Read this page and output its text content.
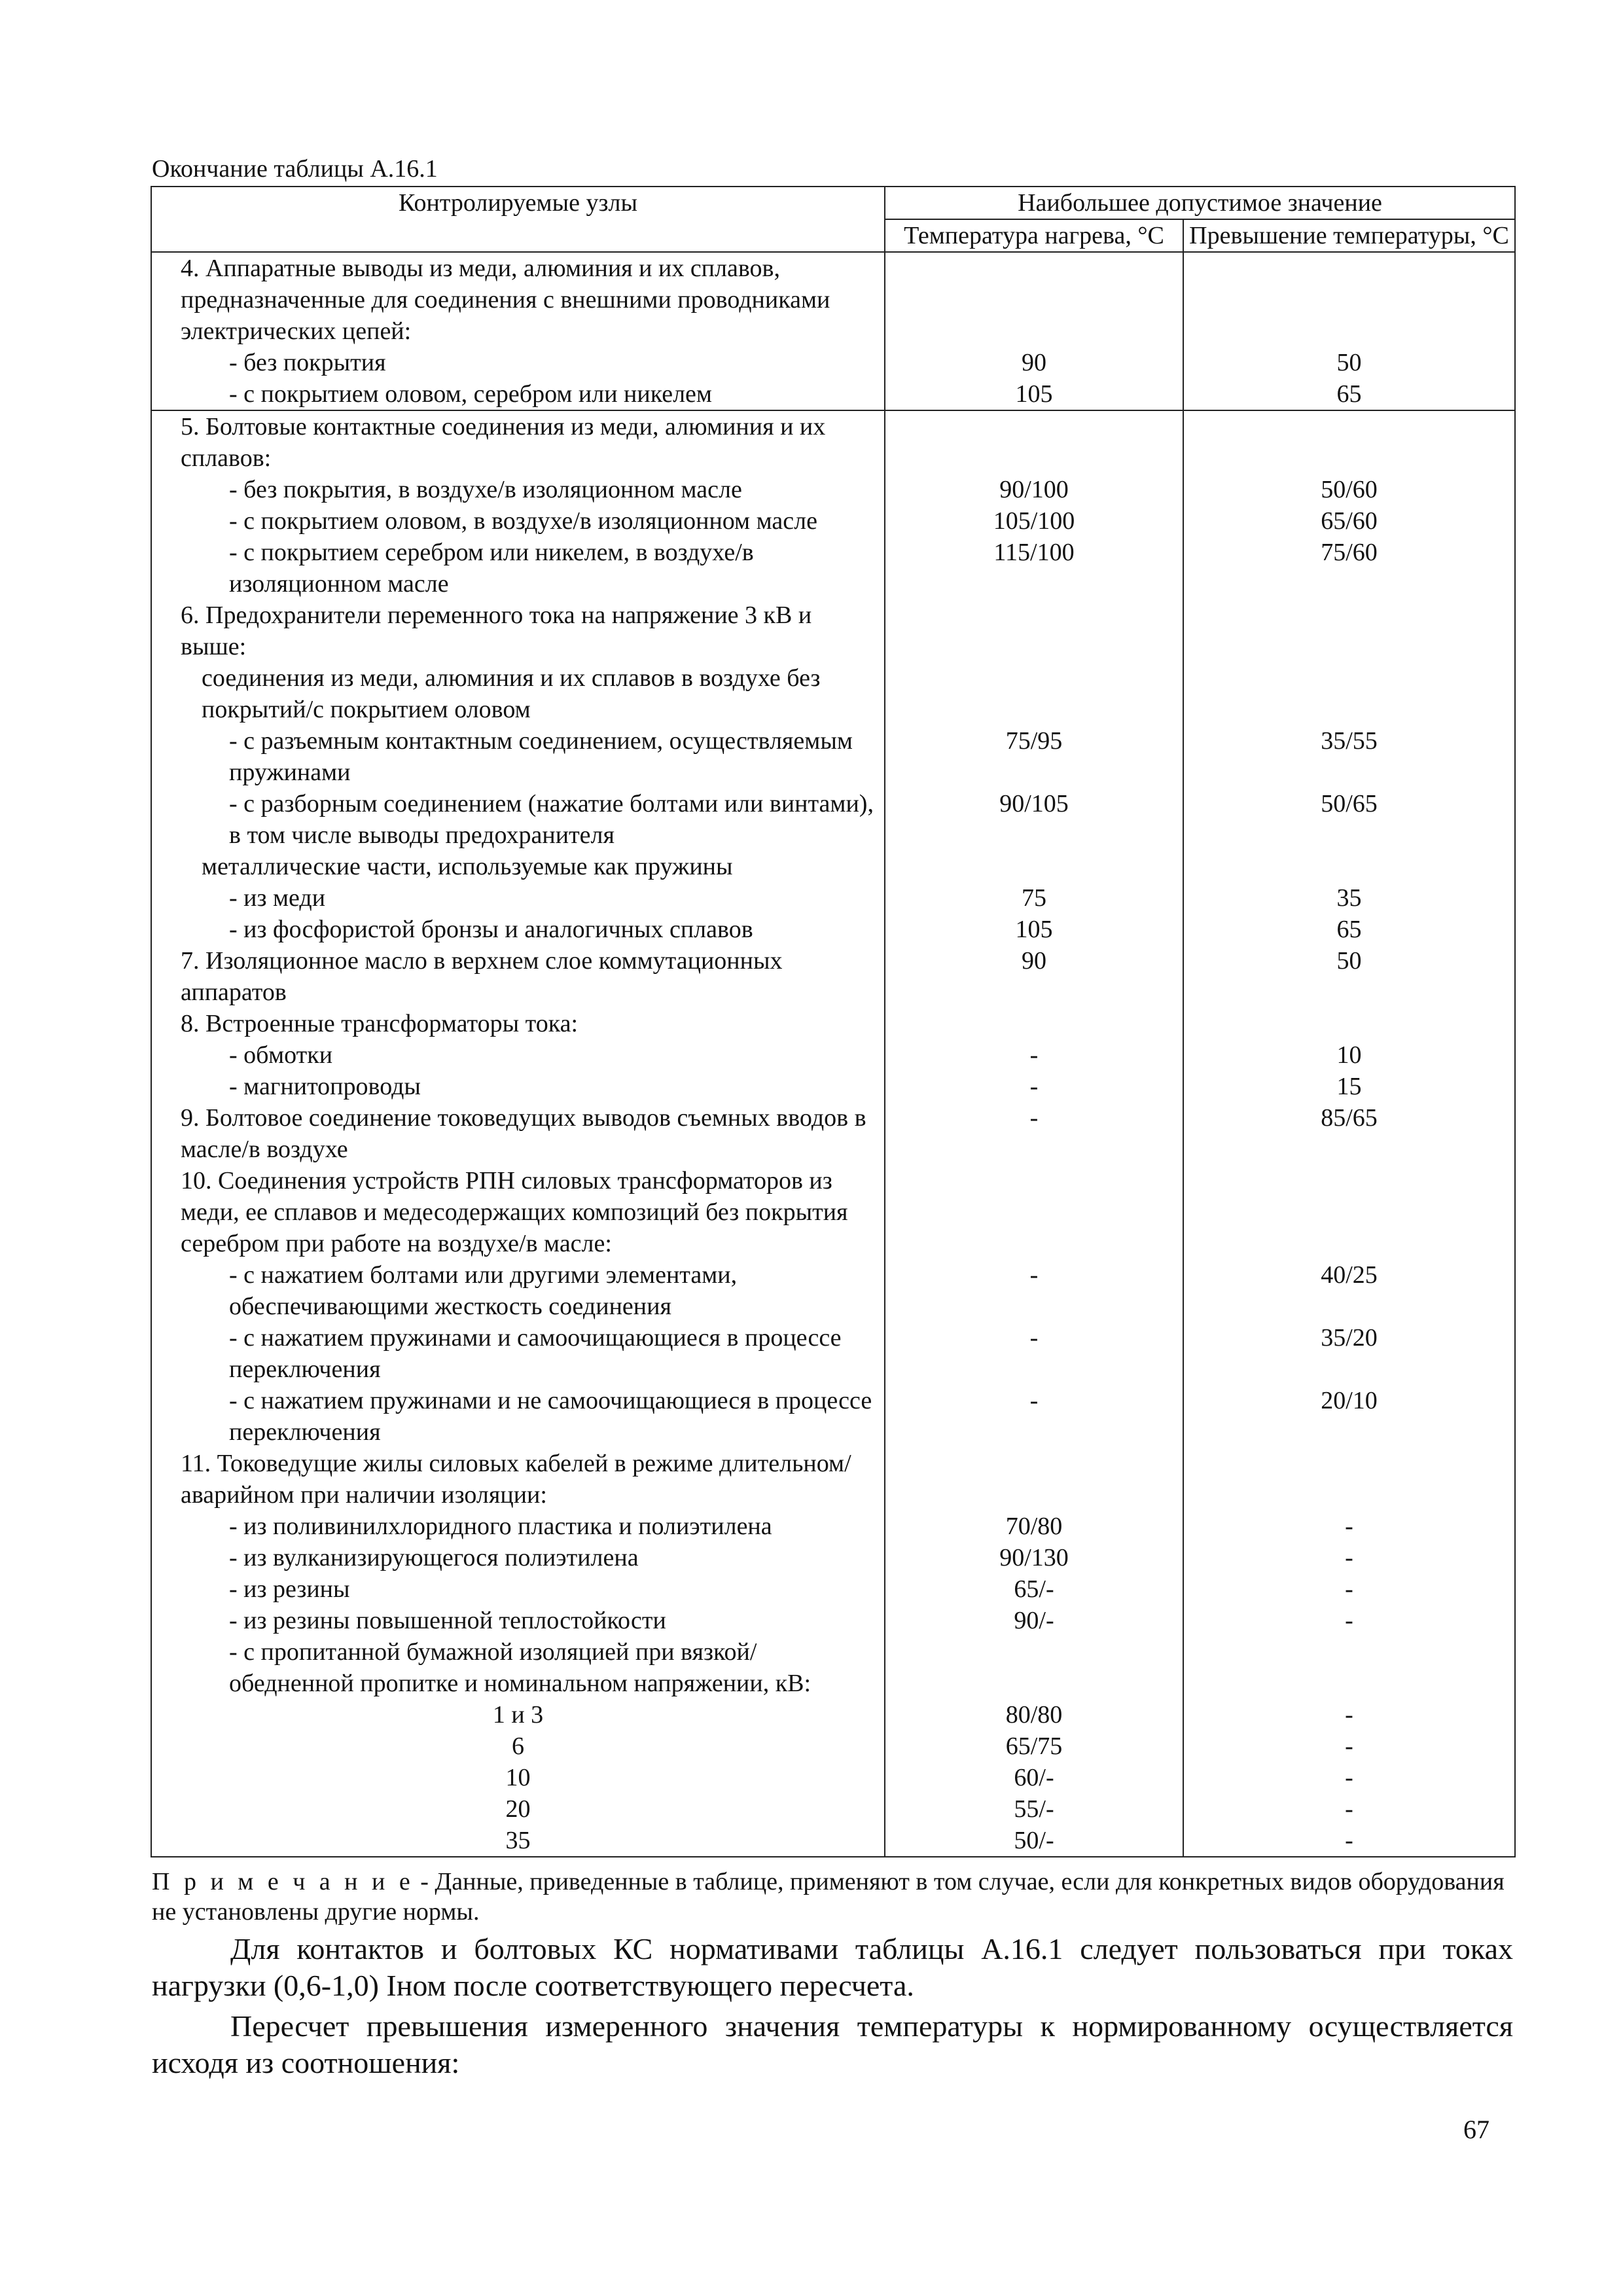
Окончание таблицы А.16.1
Контролируемые узлы	Наибольшее допустимое значение	
	Температура нагрева, °С	Превышение температуры, °С
4. Аппаратные выводы из меди, алюминия и их сплавов, предназначенные для соединения с внешними проводниками электрических цепей:		
- без покрытия	90	50
- с покрытием оловом, серебром или никелем	105	65
5. Болтовые контактные соединения из меди, алюминия и их сплавов:		
- без покрытия, в воздухе/в изоляционном масле	90/100	50/60
- с покрытием оловом, в воздухе/в изоляционном масле	105/100	65/60
- с покрытием серебром или никелем, в воздухе/в изоляционном масле	115/100	75/60
6. Предохранители переменного тока на напряжение 3 кВ и выше:		
соединения из меди, алюминия и их сплавов в воздухе без покрытий/с покрытием оловом		
- с разъемным контактным соединением, осуществляемым пружинами	75/95	35/55
- с разборным соединением (нажатие болтами или винтами), в том числе выводы предохранителя	90/105	50/65
металлические части, используемые как пружины		
- из меди	75	35
- из фосфористой бронзы и аналогичных сплавов	105	65
7. Изоляционное масло в верхнем слое коммутационных аппаратов	90	50
8. Встроенные трансформаторы тока:		
- обмотки	-	10
- магнитопроводы	-	15
9. Болтовое соединение токоведущих выводов съемных вводов в масле/в воздухе	-	85/65
10. Соединения устройств РПН силовых трансформаторов из меди, ее сплавов и медесодержащих композиций без покрытия серебром при работе на воздухе/в масле:		
- с нажатием болтами или другими элементами, обеспечивающими жесткость соединения	-	40/25
- с нажатием пружинами и самоочищающиеся в процессе переключения	-	35/20
- с нажатием пружинами и не самоочищающиеся в процессе переключения	-	20/10
11. Токоведущие жилы силовых кабелей в режиме длительном/аварийном при наличии изоляции:		
- из поливинилхлоридного пластика и полиэтилена	70/80	-
- из вулканизирующегося полиэтилена	90/130	-
- из резины	65/-	-
- из резины повышенной теплостойкости	90/-	-
- с пропитанной бумажной изоляцией при вязкой/обедненной пропитке и номинальном напряжении, кВ:		
1 и 3	80/80	-
6	65/75	-
10	60/-	-
20	55/-	-
35	50/-	-
П р и м е ч а н и е - Данные, приведенные в таблице, применяют в том случае, если для конкретных видов оборудования не установлены другие нормы.
Для контактов и болтовых КС нормативами таблицы А.16.1 следует пользоваться при токах нагрузки (0,6-1,0) Iном после соответствующего пересчета.
Пересчет превышения измеренного значения температуры к нормированному осуществляется исходя из соотношения:
67
